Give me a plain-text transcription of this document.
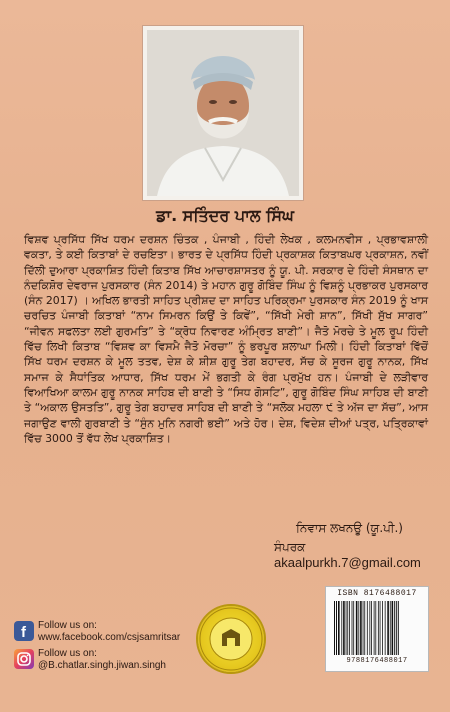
ਡਾ. ਸਤਿੰਦਰ ਪਾਲ ਸਿੰਘ

ਵਿਸ਼ਵ ਪ੍ਰਸਿੱਧ ਸਿੱਖ ਧਰਮ ਦਰਸ਼ਨ ਚਿੰਤਕ , ਪੰਜਾਬੀ , ਹਿੰਦੀ ਲੇਖਕ , ਕਲਮਨਵੀਸ , ਪ੍ਰਭਾਵਸ਼ਾਲੀ ਵਕਤਾ, ਤੇ ਕਈ ਕਿਤਾਬਾਂ ਦੇ ਰਚਇਤਾ। ਭਾਰਤ ਦੇ ਪ੍ਰਸਿੱਧ ਹਿੰਦੀ ਪ੍ਰਕਾਸ਼ਕ ਕਿਤਾਬਘਰ ਪ੍ਰਕਾਸ਼ਨ, ਨਵੀਂ ਦਿੱਲੀ ਦੁਆਰਾ ਪ੍ਰਕਾਸ਼ਿਤ ਹਿੰਦੀ ਕਿਤਾਬ ਸਿੱਖ ਆਚਾਰਸ਼ਾਸਤਰ ਨੂੰ ਯੂ. ਪੀ. ਸਰਕਾਰ ਦੇ ਹਿੰਦੀ ਸੰਸਥਾਨ ਦਾ ਨੰਦਕਿਸ਼ੋਰ ਦੇਵਰਾਜ ਪੁਰਸਕਾਰ (ਸੰਨ 2014) ਤੇ ਮਹਾਨ ਗੁਰੂ ਗੋਬਿੰਦ ਸਿੰਘ ਨੂੰ ਵਿਸ਼ਨੂੰ ਪ੍ਰਭਾਕਰ ਪੁਰਸਕਾਰ (ਸੰਨ 2017) । ਅਖਿਲ ਭਾਰਤੀ ਸਾਹਿਤ ਪ੍ਰੀਸ਼ਦ ਦਾ ਸਾਹਿਤ ਪਰਿਕ੍ਰਮਾ ਪੁਰਸਕਾਰ ਸੰਨ 2019 ਨੂੰ ਖਾਸ ਚਰਚਿਤ ਪੰਜਾਬੀ ਕਿਤਾਬਾਂ “ਨਾਮ ਸਿਮਰਨ ਕਿਉਂ ਤੇ ਕਿਵੇਂ”, “ਸਿੱਖੀ ਮੇਰੀ ਸ਼ਾਨ”, ਸਿੱਖੀ ਸੁੱਖ ਸਾਗਰ” “ਜੀਵਨ ਸਫਲਤਾ ਲਈ ਗੁਰਮਤਿ” ਤੇ “ਕ੍ਰੋਧ ਨਿਵਾਰਣ ਅੰਮ੍ਰਿਤ ਬਾਣੀ”। ਜੈਤੋ ਮੋਰਚੇ ਤੇ ਮੂਲ ਰੂਪ ਹਿੰਦੀ ਵਿੱਚ ਲਿਖੀ ਕਿਤਾਬ “ਵਿਸ਼ਵ ਕਾ ਵਿਸਮੈ ਜੈਤੋ ਮੋਰਚਾ” ਨੂੰ ਭਰਪੂਰ ਸ਼ਲਾਘਾ ਮਿਲੀ। ਹਿੰਦੀ ਕਿਤਾਬਾਂ ਵਿੱਚੋਂ ਸਿੱਖ ਧਰਮ ਦਰਸ਼ਨ ਕੇ ਮੂਲ ਤਤਵ, ਦੇਸ਼ ਕੇ ਸ਼ੀਸ਼ ਗੁਰੂ ਤੇਗ ਬਹਾਦਰ, ਸੱਚ ਕੇ ਸੂਰਜ ਗੁਰੂ ਨਾਨਕ, ਸਿੱਖ ਸਮਾਜ ਕੇ ਸੈਧਾਂਤਿਕ ਆਧਾਰ, ਸਿੱਖ ਧਰਮ ਮੇਂ ਭਗਤੀ ਕੇ ਰੰਗ ਪ੍ਰਮੁੱਖ ਹਨ। ਪੰਜਾਬੀ ਦੇ ਲੜੀਵਾਰ ਵਿਆਖਿਆ ਕਾਲਮ ਗੁਰੂ ਨਾਨਕ ਸਾਹਿਬ ਦੀ ਬਾਣੀ ਤੇ “ਸਿਧ ਗੋਸਟਿ”, ਗੁਰੂ ਗੋਬਿੰਦ ਸਿੰਘ ਸਾਹਿਬ ਦੀ ਬਾਣੀ ਤੇ “ਅਕਾਲ ਉਸਤਤਿ”, ਗੁਰੂ ਤੇਗ ਬਹਾਦਰ ਸਾਹਿਬ ਦੀ ਬਾਣੀ ਤੇ “ਸਲੋਕ ਮਹਲਾ ੯ ਤੇ ਅੱਜ ਦਾ ਸੱਚ”, ਆਸ ਜਗਾਉਣ ਵਾਲੀ ਗੁਰਬਾਣੀ ਤੇ “ਸੁੰਨ ਮੁਨਿ ਨਗਰੀ ਭਈ” ਅਤੇ ਹੋਰ। ਦੇਸ਼, ਵਿਦੇਸ਼ ਦੀਆਂ ਪਤ੍ਰ, ਪਤ੍ਰਿਕਾਵਾਂ ਵਿੱਚ 3000 ਤੋਂ ਵੱਧ ਲੇਖ ਪ੍ਰਕਾਸ਼ਿਤ।

ਨਿਵਾਸ ਲਖਨਊ (ਯੂ.ਪੀ.)
ਸੰਪਰਕ akaalpurkh.7@gmail.com
f Follow us on:
www.facebook.com/csjsamritsar
Follow us on:
@B.chatlar.singh.jiwan.singh
ISBN 8176488017
9788176488017
